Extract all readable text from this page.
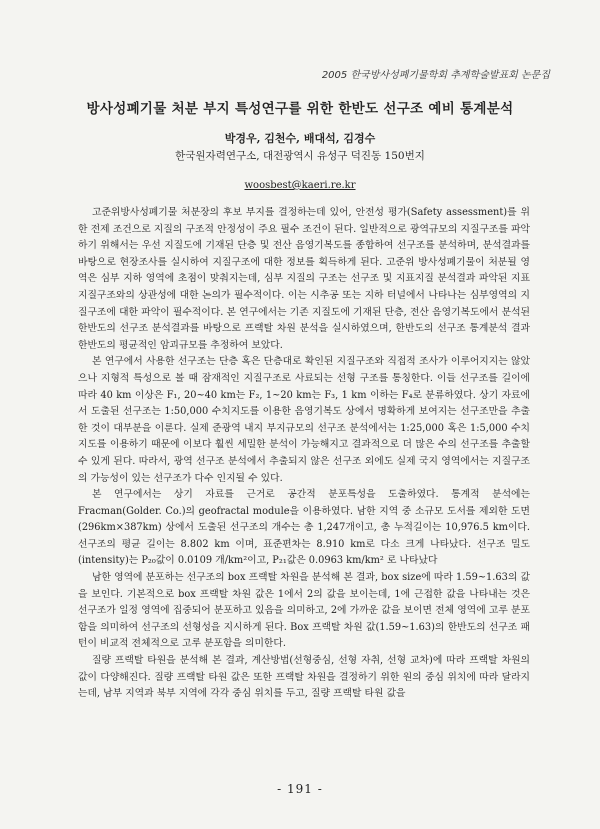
2005 한국방사성폐기물학회 추계학술발표회 논문집
방사성폐기물 처분 부지 특성연구를 위한 한반도 선구조 예비 통계분석
박경우, 김천수, 배대석, 김경수
한국원자력연구소, 대전광역시 유성구 덕진동 150번지
woosbest@kaeri.re.kr

고준위방사성폐기물 처분장의 후보 부지를 결정하는데 있어, 안전성 평가(Safety assessment)를 위한 전제 조건으로 지질의 구조적 안정성이 주요 필수 조건이 된다. 일반적으로 광역규모의 지질구조를 파악하기 위해서는 우선 지질도에 기재된 단층 및 전산 음영기복도를 종합하여 선구조를 분석하며, 분석결과를 바탕으로 현장조사를 실시하여 지질구조에 대한 정보를 획득하게 된다. 고준위 방사성폐기물이 처분될 영역은 심부 지하 영역에 초점이 맞춰지는데, 심부 지질의 구조는 선구조 및 지표지질 분석결과 파악된 지표 지질구조와의 상관성에 대한 논의가 필수적이다. 이는 시추공 또는 지하 터널에서 나타나는 심부영역의 지질구조에 대한 파악이 필수적이다. 본 연구에서는 기존 지질도에 기재된 단층, 전산 음영기복도에서 분석된 한반도의 선구조 분석결과를 바탕으로 프랙탈 차원 분석을 실시하였으며, 한반도의 선구조 통계분석 결과 한반도의 평균적인 암괴규모를 추정하여 보았다.

본 연구에서 사용한 선구조는 단층 혹은 단층대로 확인된 지질구조와 직접적 조사가 이루어지지는 않았으나 지형적 특성으로 볼 때 잠재적인 지질구조로 사료되는 선형 구조를 통칭한다. 이들 선구조를 길이에 따라 40 km 이상은 F₁, 20~40 km는 F₂, 1~20 km는 F₃, 1 km 이하는 F₄로 분류하였다. 상기 자료에서 도출된 선구조는 1:50,000 수치지도를 이용한 음영기복도 상에서 명확하게 보여지는 선구조만을 추출한 것이 대부분을 이룬다. 실제 준광역 내지 부지규모의 선구조 분석에서는 1:25,000 혹은 1:5,000 수치지도를 이용하기 때문에 이보다 훨씬 세밀한 분석이 가능해지고 결과적으로 더 많은 수의 선구조를 추출할 수 있게 된다. 따라서, 광역 선구조 분석에서 추출되지 않은 선구조 외에도 실제 국지 영역에서는 지질구조의 가능성이 있는 선구조가 다수 인지될 수 있다.

본 연구에서는 상기 자료를 근거로 공간적 분포특성을 도출하였다. 통계적 분석에는 Fracman(Golder. Co.)의 geofractal module을 이용하였다. 남한 지역 중 소규모 도서를 제외한 도면 (296km×387km) 상에서 도출된 선구조의 개수는 총 1,247개이고, 총 누적길이는 10,976.5 km이다. 선구조의 평균 길이는 8.802 km 이며, 표준편차는 8.910 km로 다소 크게 나타났다. 선구조 밀도(intensity)는 P₂₀값이 0.0109 개/km²이고, P₂₁값은 0.0963 km/km² 로 나타났다

남한 영역에 분포하는 선구조의 box 프랙탈 차원을 분석해 본 결과, box size에 따라 1.59~1.63의 값을 보인다. 기본적으로 box 프랙탈 차원 값은 1에서 2의 값을 보이는데, 1에 근접한 값을 나타내는 것은 선구조가 일정 영역에 집중되어 분포하고 있음을 의미하고, 2에 가까운 값을 보이면 전체 영역에 고루 분포함을 의미하여 선구조의 선형성을 지시하게 된다. Box 프랙탈 차원 값(1.59~1.63)의 한반도의 선구조 패턴이 비교적 전체적으로 고루 분포함을 의미한다.

질량 프랙탈 타원을 분석해 본 결과, 계산방법(선형중심, 선형 자취, 선형 교차)에 따라 프랙탈 차원의 값이 다양해진다. 질량 프랙탈 타원 값은 또한 프랙탈 차원을 결정하기 위한 원의 중심 위치에 따라 달라지는데, 남부 지역과 북부 지역에 각각 중심 위치를 두고, 질량 프랙탈 타원 값을

- 191 -
